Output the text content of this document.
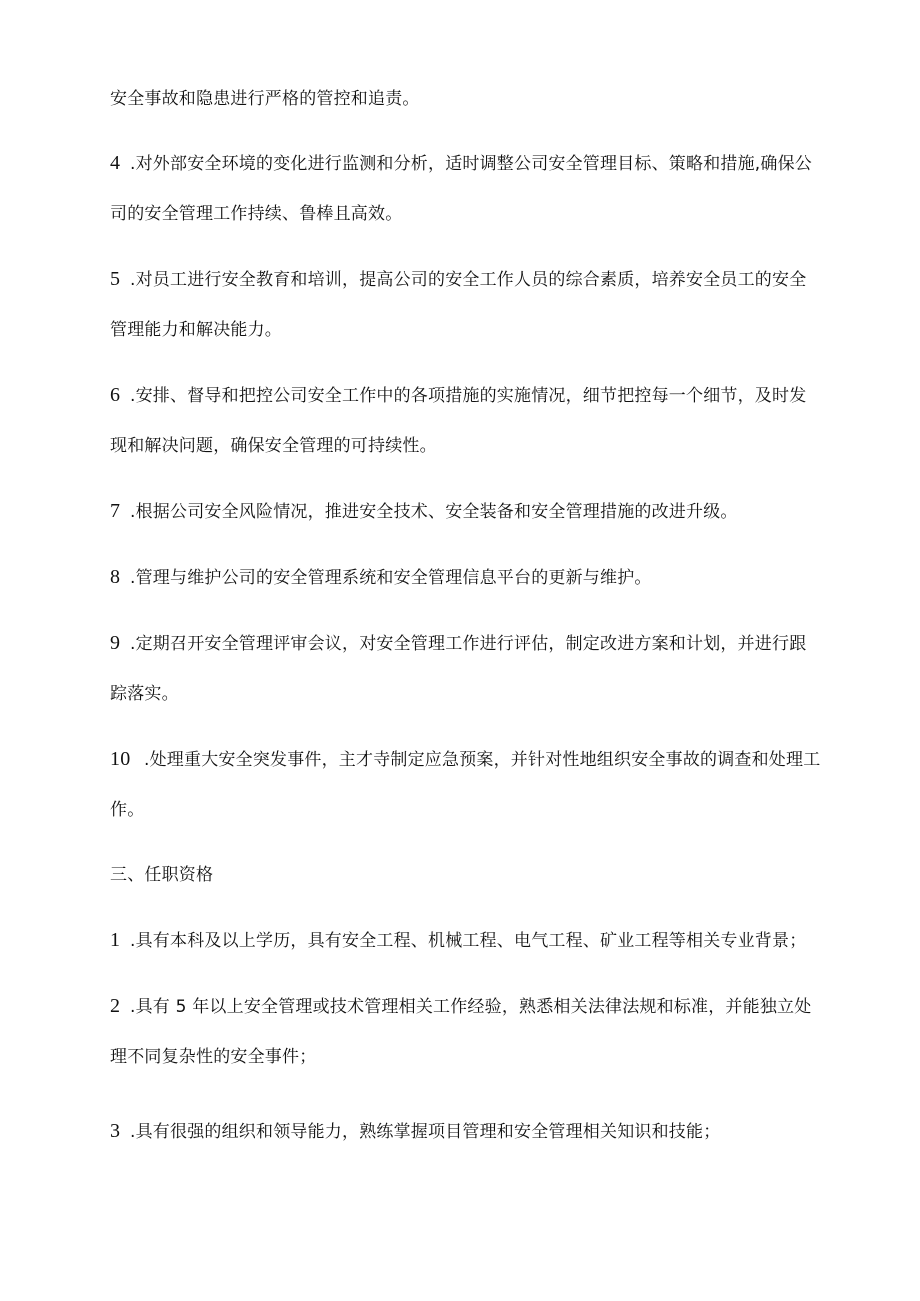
安全事故和隐患进行严格的管控和追责。
4 .对外部安全环境的变化进行监测和分析，适时调整公司安全管理目标、策略和措施,确保公
司的安全管理工作持续、鲁棒且高效。
5 .对员工进行安全教育和培训，提高公司的安全工作人员的综合素质，培养安全员工的安全
管理能力和解决能力。
6 .安排、督导和把控公司安全工作中的各项措施的实施情况，细节把控每一个细节，及时发
现和解决问题，确保安全管理的可持续性。
7 .根据公司安全风险情况，推进安全技术、安全装备和安全管理措施的改进升级。
8 .管理与维护公司的安全管理系统和安全管理信息平台的更新与维护。
9 .定期召开安全管理评审会议，对安全管理工作进行评估，制定改进方案和计划，并进行跟
踪落实。
10 .处理重大安全突发事件，主才寺制定应急预案，并针对性地组织安全事故的调查和处理工
作。
三、任职资格
1 .具有本科及以上学历，具有安全工程、机械工程、电气工程、矿业工程等相关专业背景；
2 .具有 5 年以上安全管理或技术管理相关工作经验，熟悉相关法律法规和标准，并能独立处
理不同复杂性的安全事件；
3 .具有很强的组织和领导能力，熟练掌握项目管理和安全管理相关知识和技能；
